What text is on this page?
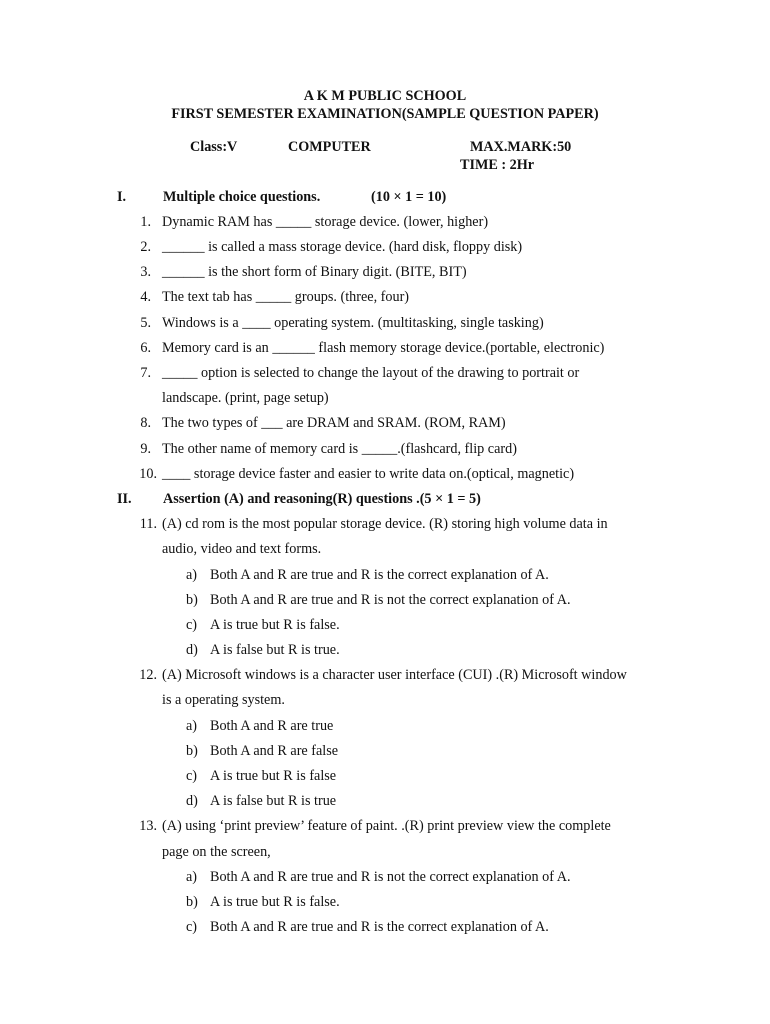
A K M PUBLIC SCHOOL
FIRST SEMESTER EXAMINATION(SAMPLE QUESTION PAPER)
Class:V	COMPUTER	MAX.MARK:50
TIME : 2Hr
I.	Multiple choice questions.	(10 × 1 = 10)
1. Dynamic RAM has _____ storage device. (lower, higher)
2. ______ is called a mass storage device. (hard disk, floppy disk)
3. ______ is the short form of Binary digit. (BITE, BIT)
4. The text tab has _____ groups. (three, four)
5. Windows is a ____ operating system. (multitasking, single tasking)
6. Memory card is an ______ flash memory storage device.(portable, electronic)
7. _____ option is selected to change the layout of the drawing to portrait or
landscape. (print, page setup)
8. The two types of ___ are DRAM and SRAM. (ROM, RAM)
9. The other name of memory card is _____.(flashcard, flip card)
10. ____ storage device faster and easier to write data on.(optical, magnetic)
II. Assertion (A) and reasoning(R) questions .(5 × 1 = 5)
11. (A) cd rom is the most popular storage device. (R) storing high volume data in
audio, video and text forms.
a) Both A and R are true and R is the correct explanation of A.
b) Both A and R are true and R is not the correct explanation of A.
c) A is true but R is false.
d) A is false but R is true.
12. (A) Microsoft windows is a character user interface (CUI) .(R) Microsoft window
is a operating system.
a) Both A and R are true
b) Both A and R are false
c) A is true but R is false
d) A is false but R is true
13. (A) using ‘print preview’ feature of paint. .(R) print preview view the complete
page on the screen,
a) Both A and R are true and R is not the correct explanation of A.
b) A is true but R is false.
c) Both A and R are true and R is the correct explanation of A.
